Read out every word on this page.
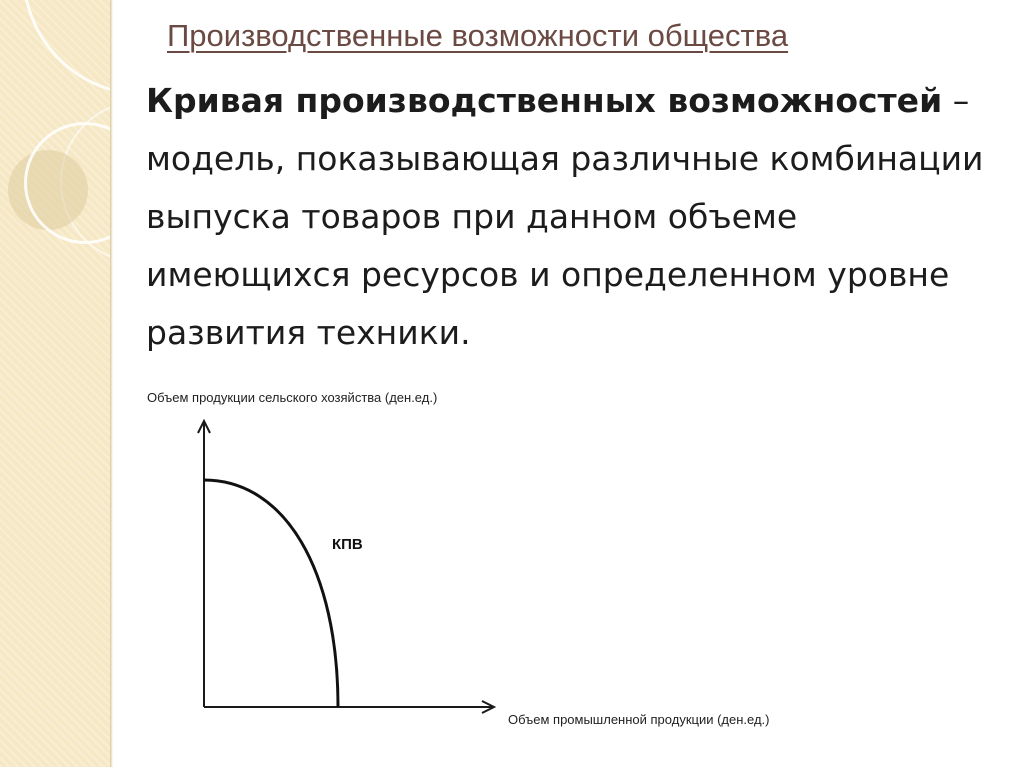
Производственные возможности общества
Кривая производственных возможностей – модель, показывающая различные комбинации выпуска товаров при данном объеме имеющихся ресурсов и определенном уровне развития техники.
Объем продукции сельского хозяйства (ден.ед.)
КПВ
Объем промышленной продукции (ден.ед.)
